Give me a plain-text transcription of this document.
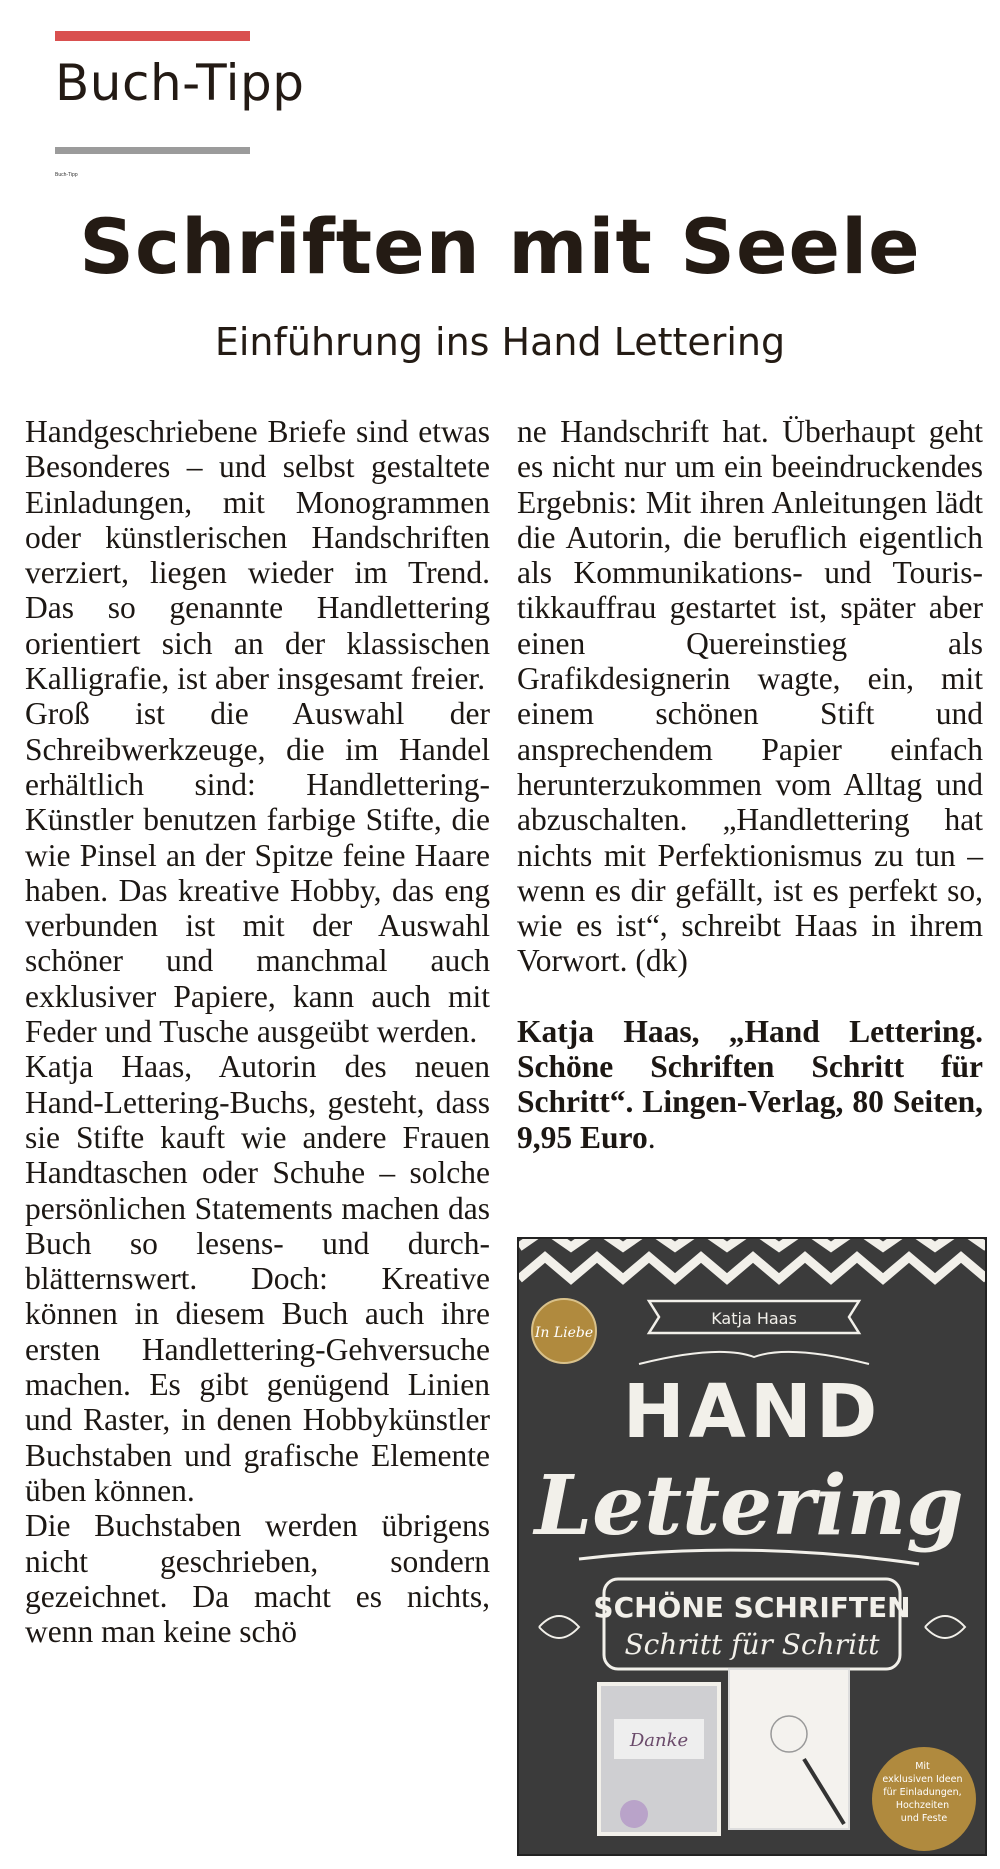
Buch-Tipp
Buch-Tipp
Schriften mit Seele
Einführung ins Hand Lettering

Handgeschriebene Briefe sind etwas Besonderes – und selbst gestaltete Einladungen, mit Monogrammen oder künstlerischen Handschriften verziert, liegen wieder im Trend. Das so genannte Handlettering orientiert sich an der klassischen Kalligrafie, ist aber insgesamt freier.

Groß ist die Auswahl der Schreibwerkzeuge, die im Handel erhältlich sind: Handlettering-Künstler benutzen farbige Stifte, die wie Pinsel an der Spitze feine Haare haben. Das kreative Hobby, das eng verbunden ist mit der Auswahl schöner und manchmal auch exklusiver Papiere, kann auch mit Feder und Tusche ausgeübt werden.

Katja Haas, Autorin des neuen Hand-Lettering-Buchs, gesteht, dass sie Stifte kauft wie andere Frauen Handtaschen oder Schuhe – solche persönlichen Statements machen das Buch so lesens- und durchblätternswert. Doch: Kreative können in diesem Buch auch ihre ersten Handlettering-Gehversuche machen. Es gibt genügend Linien und Raster, in denen Hobbykünstler Buchstaben und grafische Elemente üben können.

Die Buchstaben werden übrigens nicht geschrieben, sondern gezeichnet. Da macht es nichts, wenn man keine schö

ne Handschrift hat. Überhaupt geht es nicht nur um ein beeindruckendes Ergebnis: Mit ihren Anleitungen lädt die Autorin, die beruflich eigentlich als Kommunikations- und Touristikkauffrau gestartet ist, später aber einen Quereinstieg als Grafikdesignerin wagte, ein, mit einem schönen Stift und ansprechendem Papier einfach herunterzukommen vom Alltag und abzuschalten. „Handlettering hat nichts mit Perfektionismus zu tun – wenn es dir gefällt, ist es perfekt so, wie es ist“, schreibt Haas in ihrem Vorwort. (dk)

Katja Haas, „Hand Lettering. Schöne Schriften Schritt für Schritt“. Lingen-Verlag, 80 Seiten, 9,95 Euro.

In Liebe
Katja Haas
HAND
Lettering
SCHÖNE SCHRIFTEN
Schritt für Schritt
Danke
Mit exklusiven Ideen für Einladungen, Hochzeiten und Feste
